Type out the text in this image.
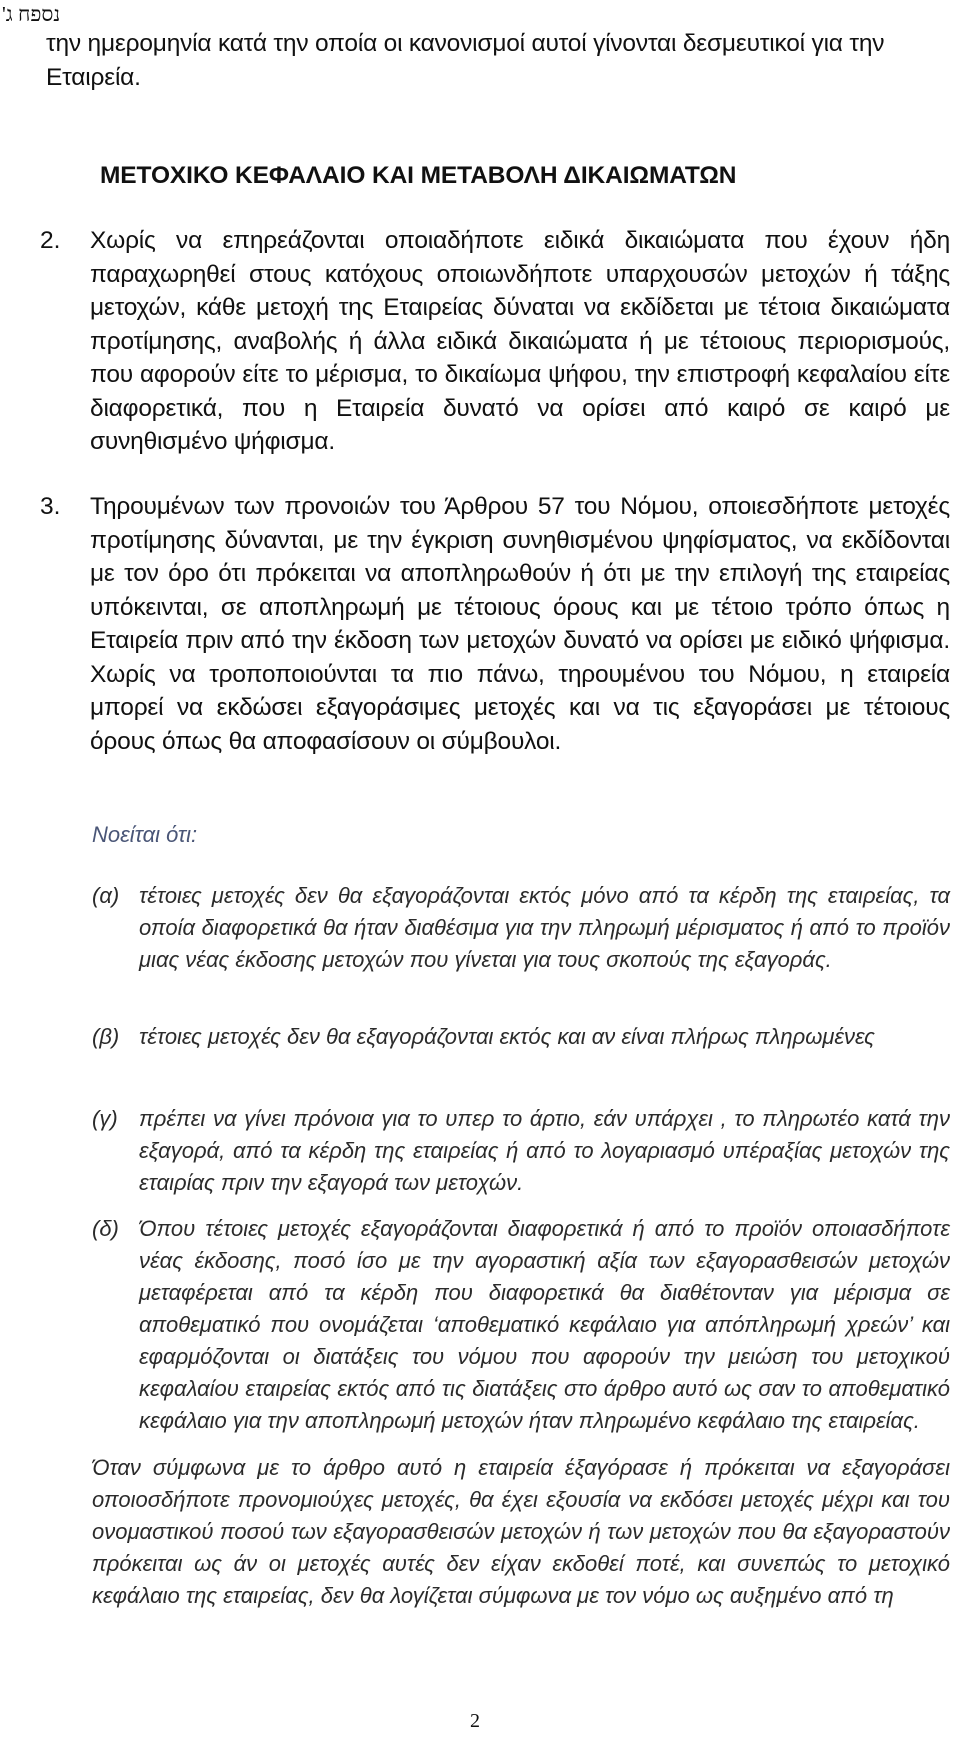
נספח ג'
την ημερομηνία κατά την οποία οι κανονισμοί αυτοί γίνονται δεσμευτικοί για την Εταιρεία.
ΜΕΤΟΧΙΚΟ ΚΕΦΑΛΑΙΟ ΚΑΙ ΜΕΤΑΒΟΛΗ ΔΙΚΑΙΩΜΑΤΩΝ
2. Χωρίς να επηρεάζονται οποιαδήποτε ειδικά δικαιώματα που έχουν ήδη παραχωρηθεί στους κατόχους οποιωνδήποτε υπαρχουσών μετοχών ή τάξης μετοχών, κάθε μετοχή της Εταιρείας δύναται να εκδίδεται με τέτοια δικαιώματα προτίμησης, αναβολής ή άλλα ειδικά δικαιώματα ή με τέτοιους περιορισμούς, που αφορούν είτε το μέρισμα, το δικαίωμα ψήφου, την επιστροφή κεφαλαίου είτε διαφορετικά, που η Εταιρεία δυνατό να ορίσει από καιρό σε καιρό με συνηθισμένο ψήφισμα.
3. Τηρουμένων των προνοιών του Άρθρου 57 του Νόμου, οποιεσδήποτε μετοχές προτίμησης δύνανται, με την έγκριση συνηθισμένου ψηφίσματος, να εκδίδονται με τον όρο ότι πρόκειται να αποπληρωθούν ή ότι με την επιλογή της εταιρείας υπόκεινται, σε αποπληρωμή με τέτοιους όρους και με τέτοιο τρόπο όπως η Εταιρεία πριν από την έκδοση των μετοχών δυνατό να ορίσει με ειδικό ψήφισμα. Χωρίς να τροποποιούνται τα πιο πάνω, τηρουμένου του Νόμου, η εταιρεία μπορεί να εκδώσει εξαγοράσιμες μετοχές και να τις εξαγοράσει με τέτοιους όρους όπως θα αποφασίσουν οι σύμβουλοι.
Νοείται ότι:
(α) τέτοιες μετοχές δεν θα εξαγοράζονται εκτός μόνο από τα κέρδη της εταιρείας, τα οποία διαφορετικά θα ήταν διαθέσιμα για την πληρωμή μέρισματος ή από το προϊόν μιας νέας έκδοσης μετοχών που γίνεται για τους σκοπούς της εξαγοράς.
(β) τέτοιες μετοχές δεν θα εξαγοράζονται εκτός και αν είναι πλήρως πληρωμένες
(γ) πρέπει να γίνει πρόνοια για το υπερ το άρτιο, εάν υπάρχει , το πληρωτέο κατά την εξαγορά, από τα κέρδη της εταιρείας ή από το λογαριασμό υπέραξίας μετοχών της εταιρίας πριν την εξαγορά των μετοχών.
(δ) Όπου τέτοιες μετοχές εξαγοράζονται διαφορετικά ή από το προϊόν οποιασδήποτε νέας έκδοσης, ποσό ίσο με την αγοραστική αξία των εξαγορασθεισών μετοχών μεταφέρεται από τα κέρδη που διαφορετικά θα διαθέτονταν για μέρισμα σε αποθεματικό που ονομάζεται ‘αποθεματικό κεφάλαιο για απόπληρωμή χρεών’ και εφαρμόζονται οι διατάξεις του νόμου που αφορούν την μειώση του μετοχικού κεφαλαίου εταιρείας εκτός από τις διατάξεις στο άρθρο αυτό ως σαν το αποθεματικό κεφάλαιο για την αποπληρωμή μετοχών ήταν πληρωμένο κεφάλαιο της εταιρείας.
Όταν σύμφωνα με το άρθρο αυτό η εταιρεία έξαγόρασε ή πρόκειται να εξαγοράσει οποιοσδήποτε προνομιούχες μετοχές, θα έχει εξουσία να εκδόσει μετοχές μέχρι και του ονομαστικού ποσού των εξαγορασθεισών μετοχών ή των μετοχών που θα εξαγοραστούν πρόκειται ως άν οι μετοχές αυτές δεν είχαν εκδοθεί ποτέ, και συνεπώς το μετοχικό κεφάλαιο της εταιρείας, δεν θα λογίζεται σύμφωνα με τον νόμο ως αυξημένο από τη
2
